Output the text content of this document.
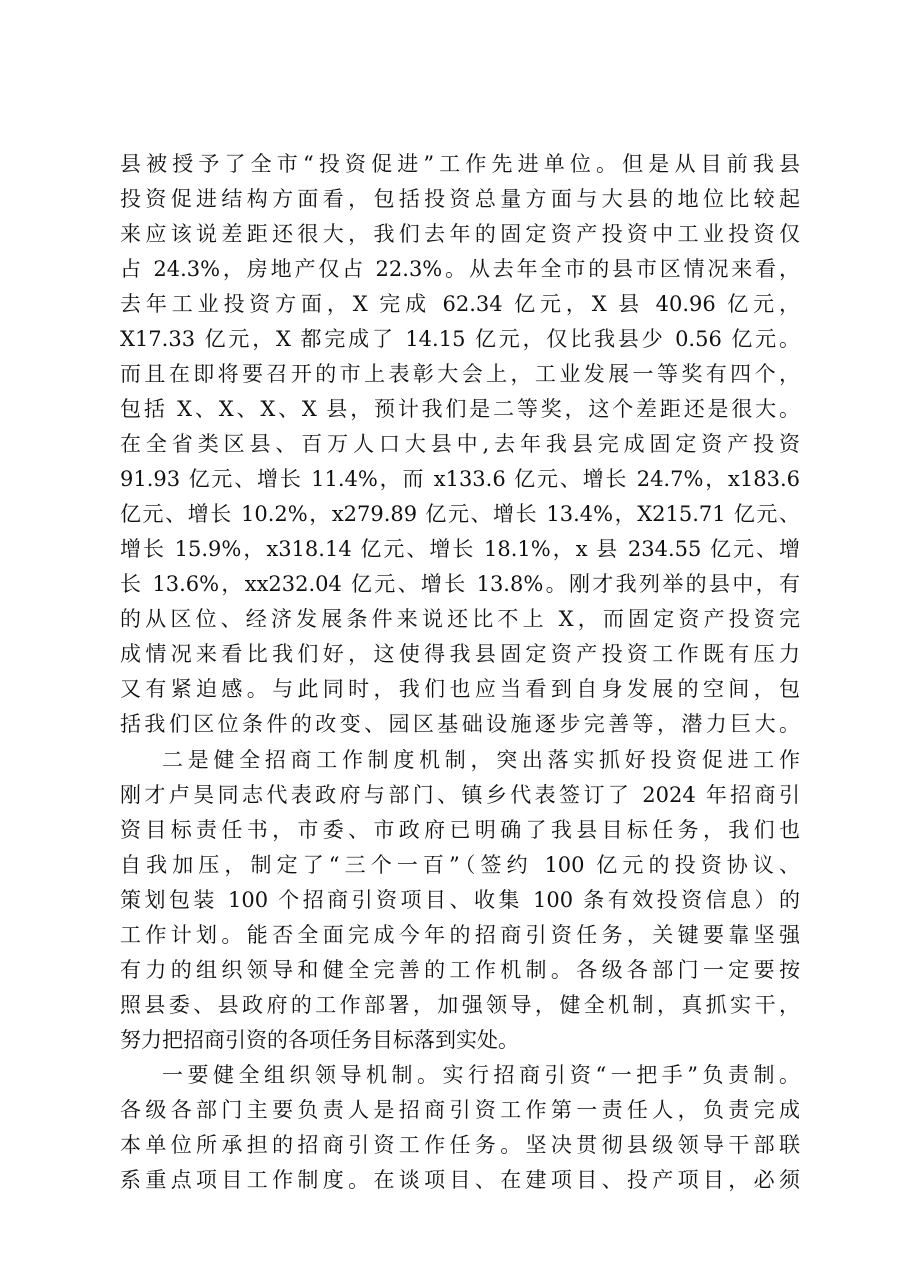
县被授予了全市“投资促进”工作先进单位。但是从目前我县
投资促进结构方面看，包括投资总量方面与大县的地位比较起
来应该说差距还很大，我们去年的固定资产投资中工业投资仅
占 24.3%，房地产仅占 22.3%。从去年全市的县市区情况来看，
去年工业投资方面，X 完成 62.34 亿元，X 县 40.96 亿元，
X17.33 亿元，X 都完成了 14.15 亿元，仅比我县少 0.56 亿元。
而且在即将要召开的市上表彰大会上，工业发展一等奖有四个，
包括 X、X、X、X 县，预计我们是二等奖，这个差距还是很大。
在全省类区县、百万人口大县中,去年我县完成固定资产投资
91.93 亿元、增长 11.4%，而 x133.6 亿元、增长 24.7%，x183.6
亿元、增长 10.2%，x279.89 亿元、增长 13.4%，X215.71 亿元、
增长 15.9%，x318.14 亿元、增长 18.1%，x 县 234.55 亿元、增
长 13.6%，xx232.04 亿元、增长 13.8%。刚才我列举的县中，有
的从区位、经济发展条件来说还比不上 X，而固定资产投资完
成情况来看比我们好，这使得我县固定资产投资工作既有压力
又有紧迫感。与此同时，我们也应当看到自身发展的空间，包
括我们区位条件的改变、园区基础设施逐步完善等，潜力巨大。
二是健全招商工作制度机制，突出落实抓好投资促进工作
刚才卢昊同志代表政府与部门、镇乡代表签订了 2024 年招商引
资目标责任书，市委、市政府已明确了我县目标任务，我们也
自我加压，制定了“三个一百”（签约 100 亿元的投资协议、
策划包装 100 个招商引资项目、收集 100 条有效投资信息）的
工作计划。能否全面完成今年的招商引资任务，关键要靠坚强
有力的组织领导和健全完善的工作机制。各级各部门一定要按
照县委、县政府的工作部署，加强领导，健全机制，真抓实干，
努力把招商引资的各项任务目标落到实处。
一要健全组织领导机制。实行招商引资“一把手”负责制。
各级各部门主要负责人是招商引资工作第一责任人，负责完成
本单位所承担的招商引资工作任务。坚决贯彻县级领导干部联
系重点项目工作制度。在谈项目、在建项目、投产项目，必须
